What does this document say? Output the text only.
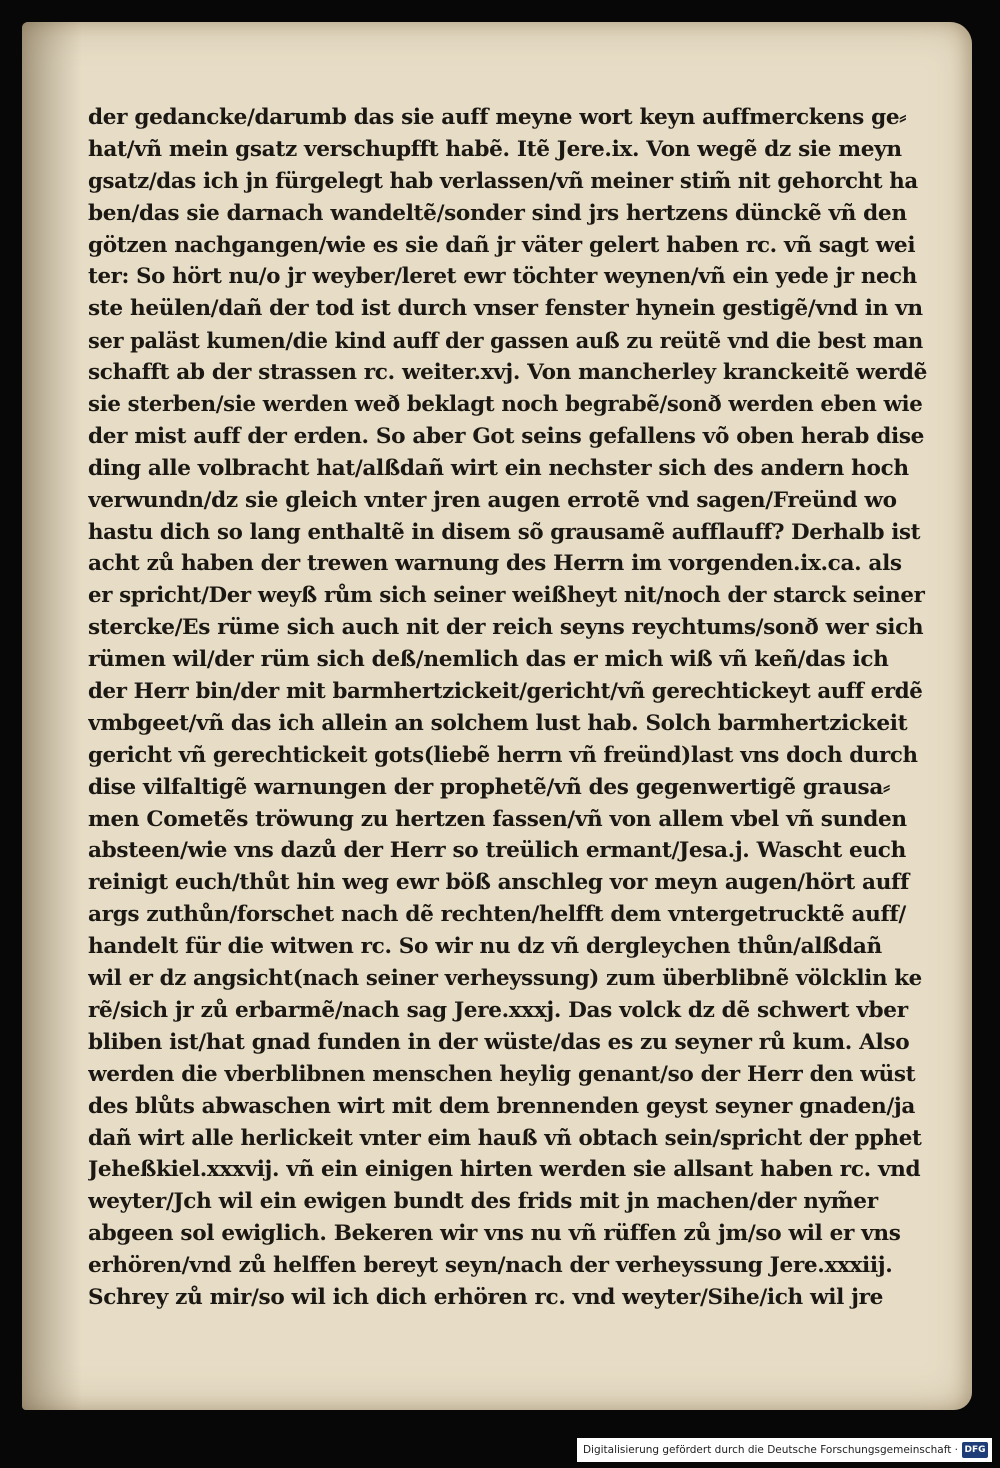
der gedancke/darumb das sie auff meyne wort keyn auffmerckens ge⸗
hat/vñ mein gsatz verschupfft habẽ. Itẽ Jere.ix. Von wegẽ dz sie meyn
gsatz/das ich jn fürgelegt hab verlassen/vñ meiner stim̃ nit gehorcht ha
ben/das sie darnach wandeltẽ/sonder sind jrs hertzens dünckẽ vñ den
götzen nachgangen/wie es sie dañ jr väter gelert haben rc. vñ sagt wei
ter: So hört nu/o jr weyber/leret ewr töchter weynen/vñ ein yede jr nech
ste heülen/dañ der tod ist durch vnser fenster hynein gestigẽ/vnd in vn
ser paläst kumen/die kind auff der gassen auß zu reütẽ vnd die best man
schafft ab der strassen rc. weiter.xvj. Von mancherley kranckeitẽ werdẽ
sie sterben/sie werden weð beklagt noch begrabẽ/sonð werden eben wie
der mist auff der erden. So aber Got seins gefallens võ oben herab dise
ding alle volbracht hat/alßdañ wirt ein nechster sich des andern hoch
verwundn/dz sie gleich vnter jren augen errotẽ vnd sagen/Freünd wo
hastu dich so lang enthaltẽ in disem sõ grausamẽ aufflauff? Derhalb ist
acht zů haben der trewen warnung des Herrn im vorgenden.ix.ca. als
er spricht/Der weyß rům sich seiner weißheyt nit/noch der starck seiner
stercke/Es rüme sich auch nit der reich seyns reychtums/sonð wer sich
rümen wil/der rüm sich deß/nemlich das er mich wiß vñ keñ/das ich
der Herr bin/der mit barmhertzickeit/gericht/vñ gerechtickeyt auff erdẽ
vmbgeet/vñ das ich allein an solchem lust hab. Solch barmhertzickeit
gericht vñ gerechtickeit gots(liebẽ herrn vñ freünd)last vns doch durch
dise vilfaltigẽ warnungen der prophetẽ/vñ des gegenwertigẽ grausa⸗
men Cometẽs tröwung zu hertzen fassen/vñ von allem vbel vñ sunden
absteen/wie vns dazů der Herr so treülich ermant/Jesa.j. Wascht euch
reinigt euch/thůt hin weg ewr böß anschleg vor meyn augen/hört auff
args zuthůn/forschet nach dẽ rechten/helfft dem vntergetrucktẽ auff/
handelt für die witwen rc. So wir nu dz vñ dergleychen thůn/alßdañ
wil er dz angsicht(nach seiner verheyssung) zum überblibnẽ völcklin ke
rẽ/sich jr zů erbarmẽ/nach sag Jere.xxxj. Das volck dz dẽ schwert vber
bliben ist/hat gnad funden in der wüste/das es zu seyner rů kum. Also
werden die vberblibnen menschen heylig genant/so der Herr den wüst
des blůts abwaschen wirt mit dem brennenden geyst seyner gnaden/ja
dañ wirt alle herlickeit vnter eim hauß vñ obtach sein/spricht der pphet
Jeheßkiel.xxxvij. vñ ein einigen hirten werden sie allsant haben rc. vnd
weyter/Jch wil ein ewigen bundt des frids mit jn machen/der nym̃er
abgeen sol ewiglich. Bekeren wir vns nu vñ rüffen zů jm/so wil er vns
erhören/vnd zů helffen bereyt seyn/nach der verheyssung Jere.xxxiij.
Schrey zů mir/so wil ich dich erhören rc. vnd weyter/Sihe/ich wil jre
Digitalisierung gefördert durch die Deutsche Forschungsgemeinschaft · DFG
